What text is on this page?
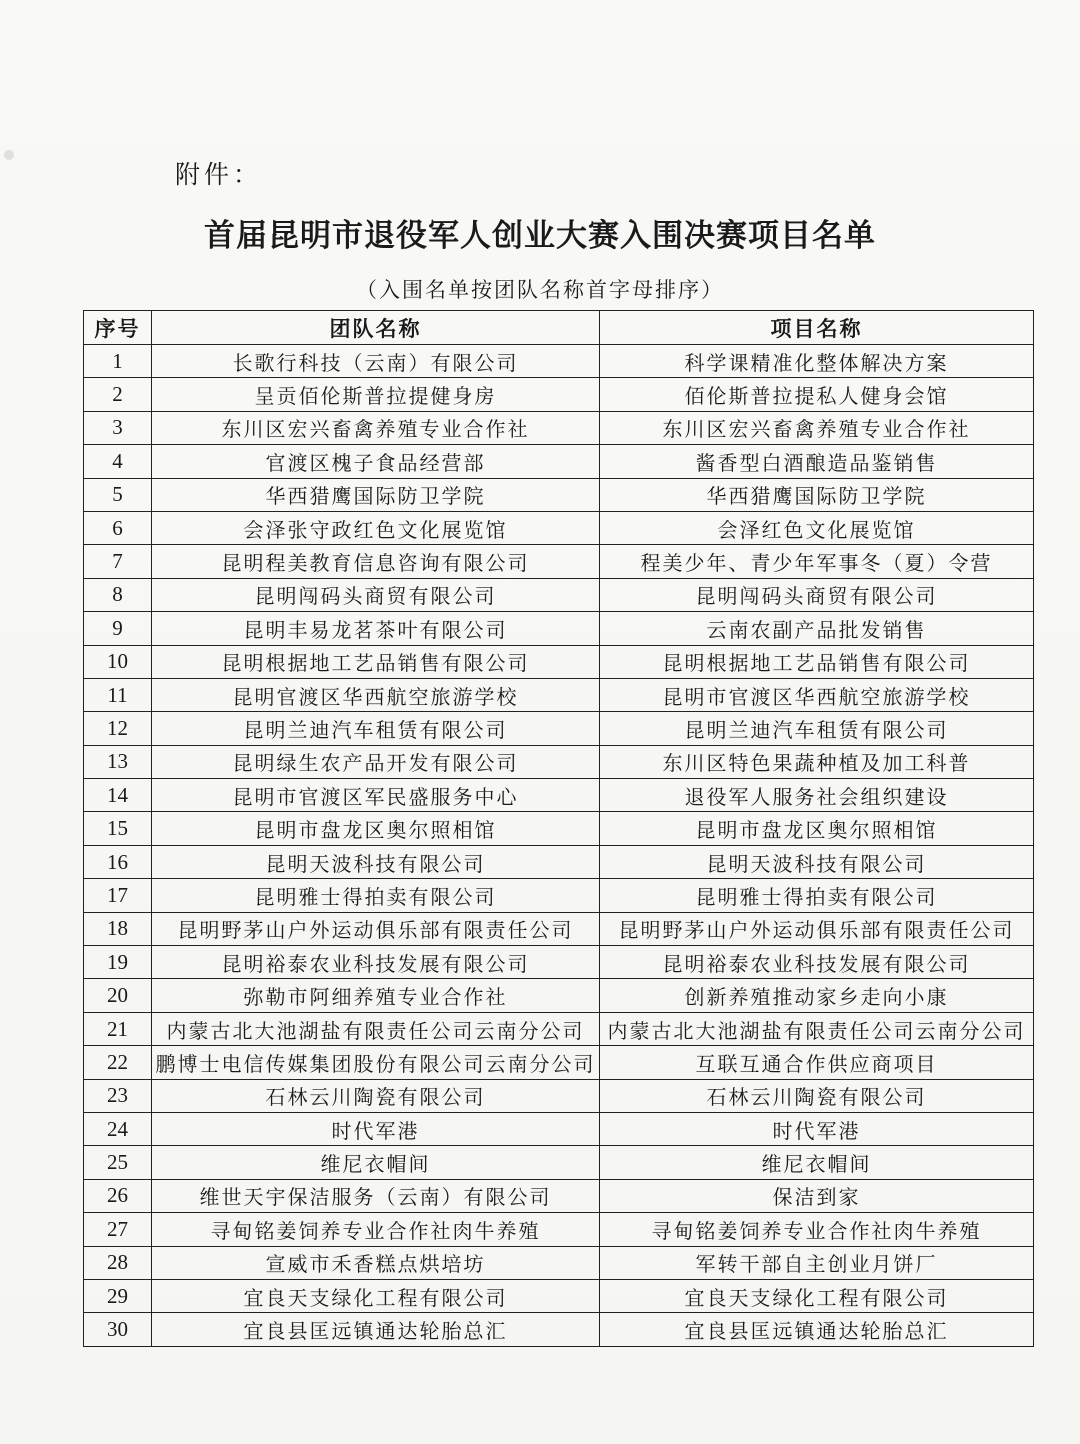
附件：
首届昆明市退役军人创业大赛入围决赛项目名单
（入围名单按团队名称首字母排序）
序号	团队名称	项目名称
1	长歌行科技（云南）有限公司	科学课精准化整体解决方案
2	呈贡佰伦斯普拉提健身房	佰伦斯普拉提私人健身会馆
3	东川区宏兴畜禽养殖专业合作社	东川区宏兴畜禽养殖专业合作社
4	官渡区槐子食品经营部	酱香型白酒酿造品鉴销售
5	华西猎鹰国际防卫学院	华西猎鹰国际防卫学院
6	会泽张守政红色文化展览馆	会泽红色文化展览馆
7	昆明程美教育信息咨询有限公司	程美少年、青少年军事冬（夏）令营
8	昆明闯码头商贸有限公司	昆明闯码头商贸有限公司
9	昆明丰易龙茗茶叶有限公司	云南农副产品批发销售
10	昆明根据地工艺品销售有限公司	昆明根据地工艺品销售有限公司
11	昆明官渡区华西航空旅游学校	昆明市官渡区华西航空旅游学校
12	昆明兰迪汽车租赁有限公司	昆明兰迪汽车租赁有限公司
13	昆明绿生农产品开发有限公司	东川区特色果蔬种植及加工科普
14	昆明市官渡区军民盛服务中心	退役军人服务社会组织建设
15	昆明市盘龙区奥尔照相馆	昆明市盘龙区奥尔照相馆
16	昆明天波科技有限公司	昆明天波科技有限公司
17	昆明雅士得拍卖有限公司	昆明雅士得拍卖有限公司
18	昆明野茅山户外运动俱乐部有限责任公司	昆明野茅山户外运动俱乐部有限责任公司
19	昆明裕泰农业科技发展有限公司	昆明裕泰农业科技发展有限公司
20	弥勒市阿细养殖专业合作社	创新养殖推动家乡走向小康
21	内蒙古北大池湖盐有限责任公司云南分公司	内蒙古北大池湖盐有限责任公司云南分公司
22	鹏博士电信传媒集团股份有限公司云南分公司	互联互通合作供应商项目
23	石林云川陶瓷有限公司	石林云川陶瓷有限公司
24	时代军港	时代军港
25	维尼衣帽间	维尼衣帽间
26	维世天宇保洁服务（云南）有限公司	保洁到家
27	寻甸铭姜饲养专业合作社肉牛养殖	寻甸铭姜饲养专业合作社肉牛养殖
28	宣威市禾香糕点烘培坊	军转干部自主创业月饼厂
29	宜良天支绿化工程有限公司	宜良天支绿化工程有限公司
30	宜良县匡远镇通达轮胎总汇	宜良县匡远镇通达轮胎总汇
